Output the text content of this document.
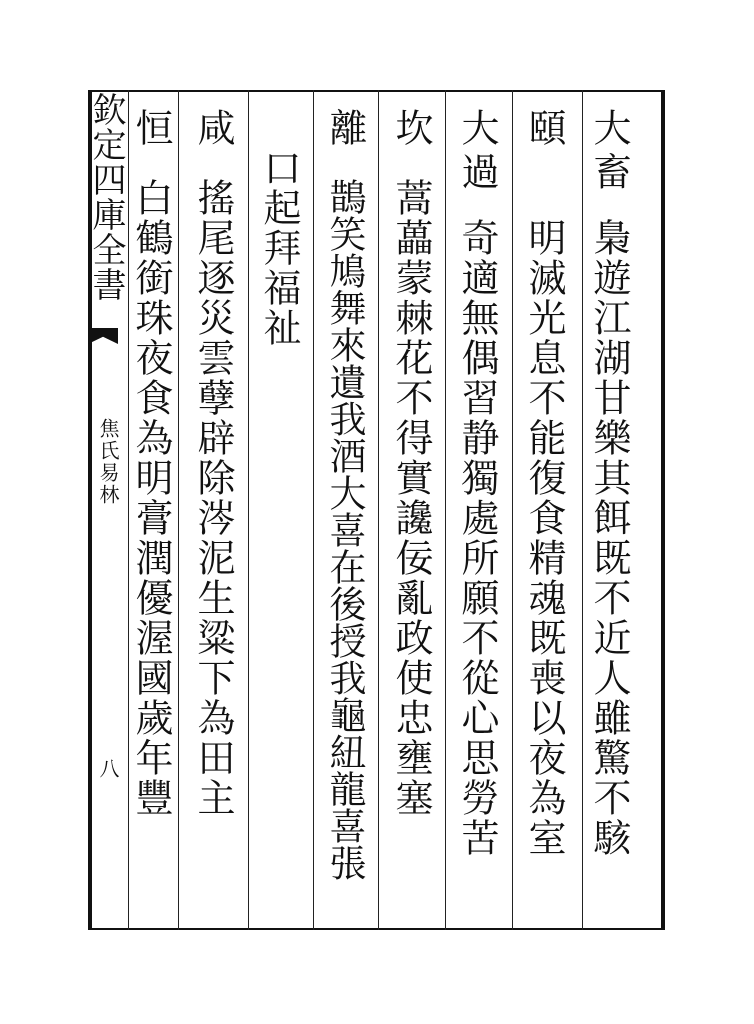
欽定四庫全書
焦氏易林
八
大畜
梟遊江湖甘樂其餌既不近人雖驚不駭
頤
明滅光息不能復食精魂既喪以夜為室
大過
奇適無偶習静獨處所願不從心思勞苦
坎
蒿藟蒙棘花不得實讒佞亂政使忠壅塞
離
鵲笑鳩舞來遺我酒大喜在後授我龜紐龍喜張
口起拜福祉
咸
搖尾逐災雲孽辟除涔泥生粱下為田主
恒
白鶴銜珠夜食為明膏潤優渥國歲年豐
